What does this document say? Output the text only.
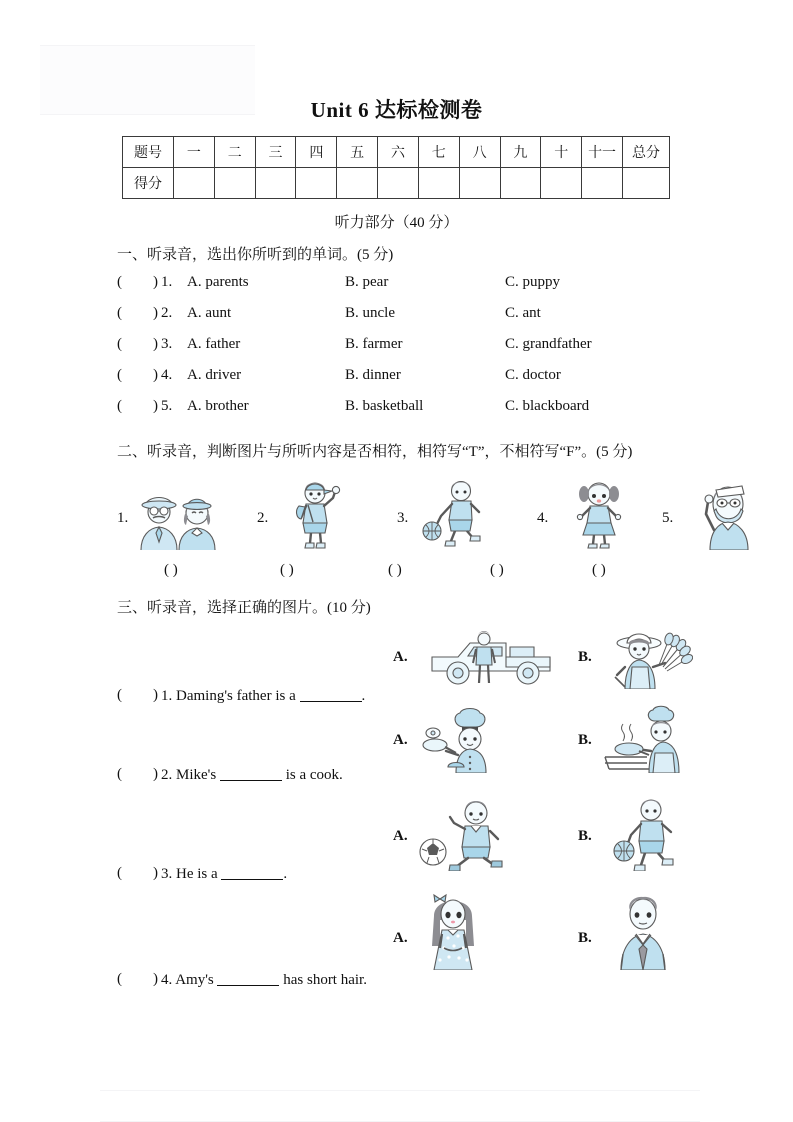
Unit 6 达标检测卷
题号	一	二	三	四	五	六	七	八	九	十	十一	总分
得分												
听力部分（40 分）
一、听录音，选出你所听到的单词。(5 分)
( ) 1. A. parents	B. pear	C. puppy
( ) 2. A. aunt	B. uncle	C. ant
( ) 3. A. father	B. farmer	C. grandfather
( ) 4. A. driver	B. dinner	C. doctor
( ) 5. A. brother	B. basketball	C. blackboard
二、听录音，判断图片与所听内容是否相符，相符写“T”，不相符写“F”。(5 分)
1.	2.	3.	4.	5.
( )	( )	( )	( )	( )
三、听录音，选择正确的图片。(10 分)
A.	B.
( ) 1. Daming's father is a	.
A.	B.
( ) 2. Mike's	is a cook.
A.	B.
( ) 3. He is a	.
A.	B.
( ) 4. Amy's	has short hair.
